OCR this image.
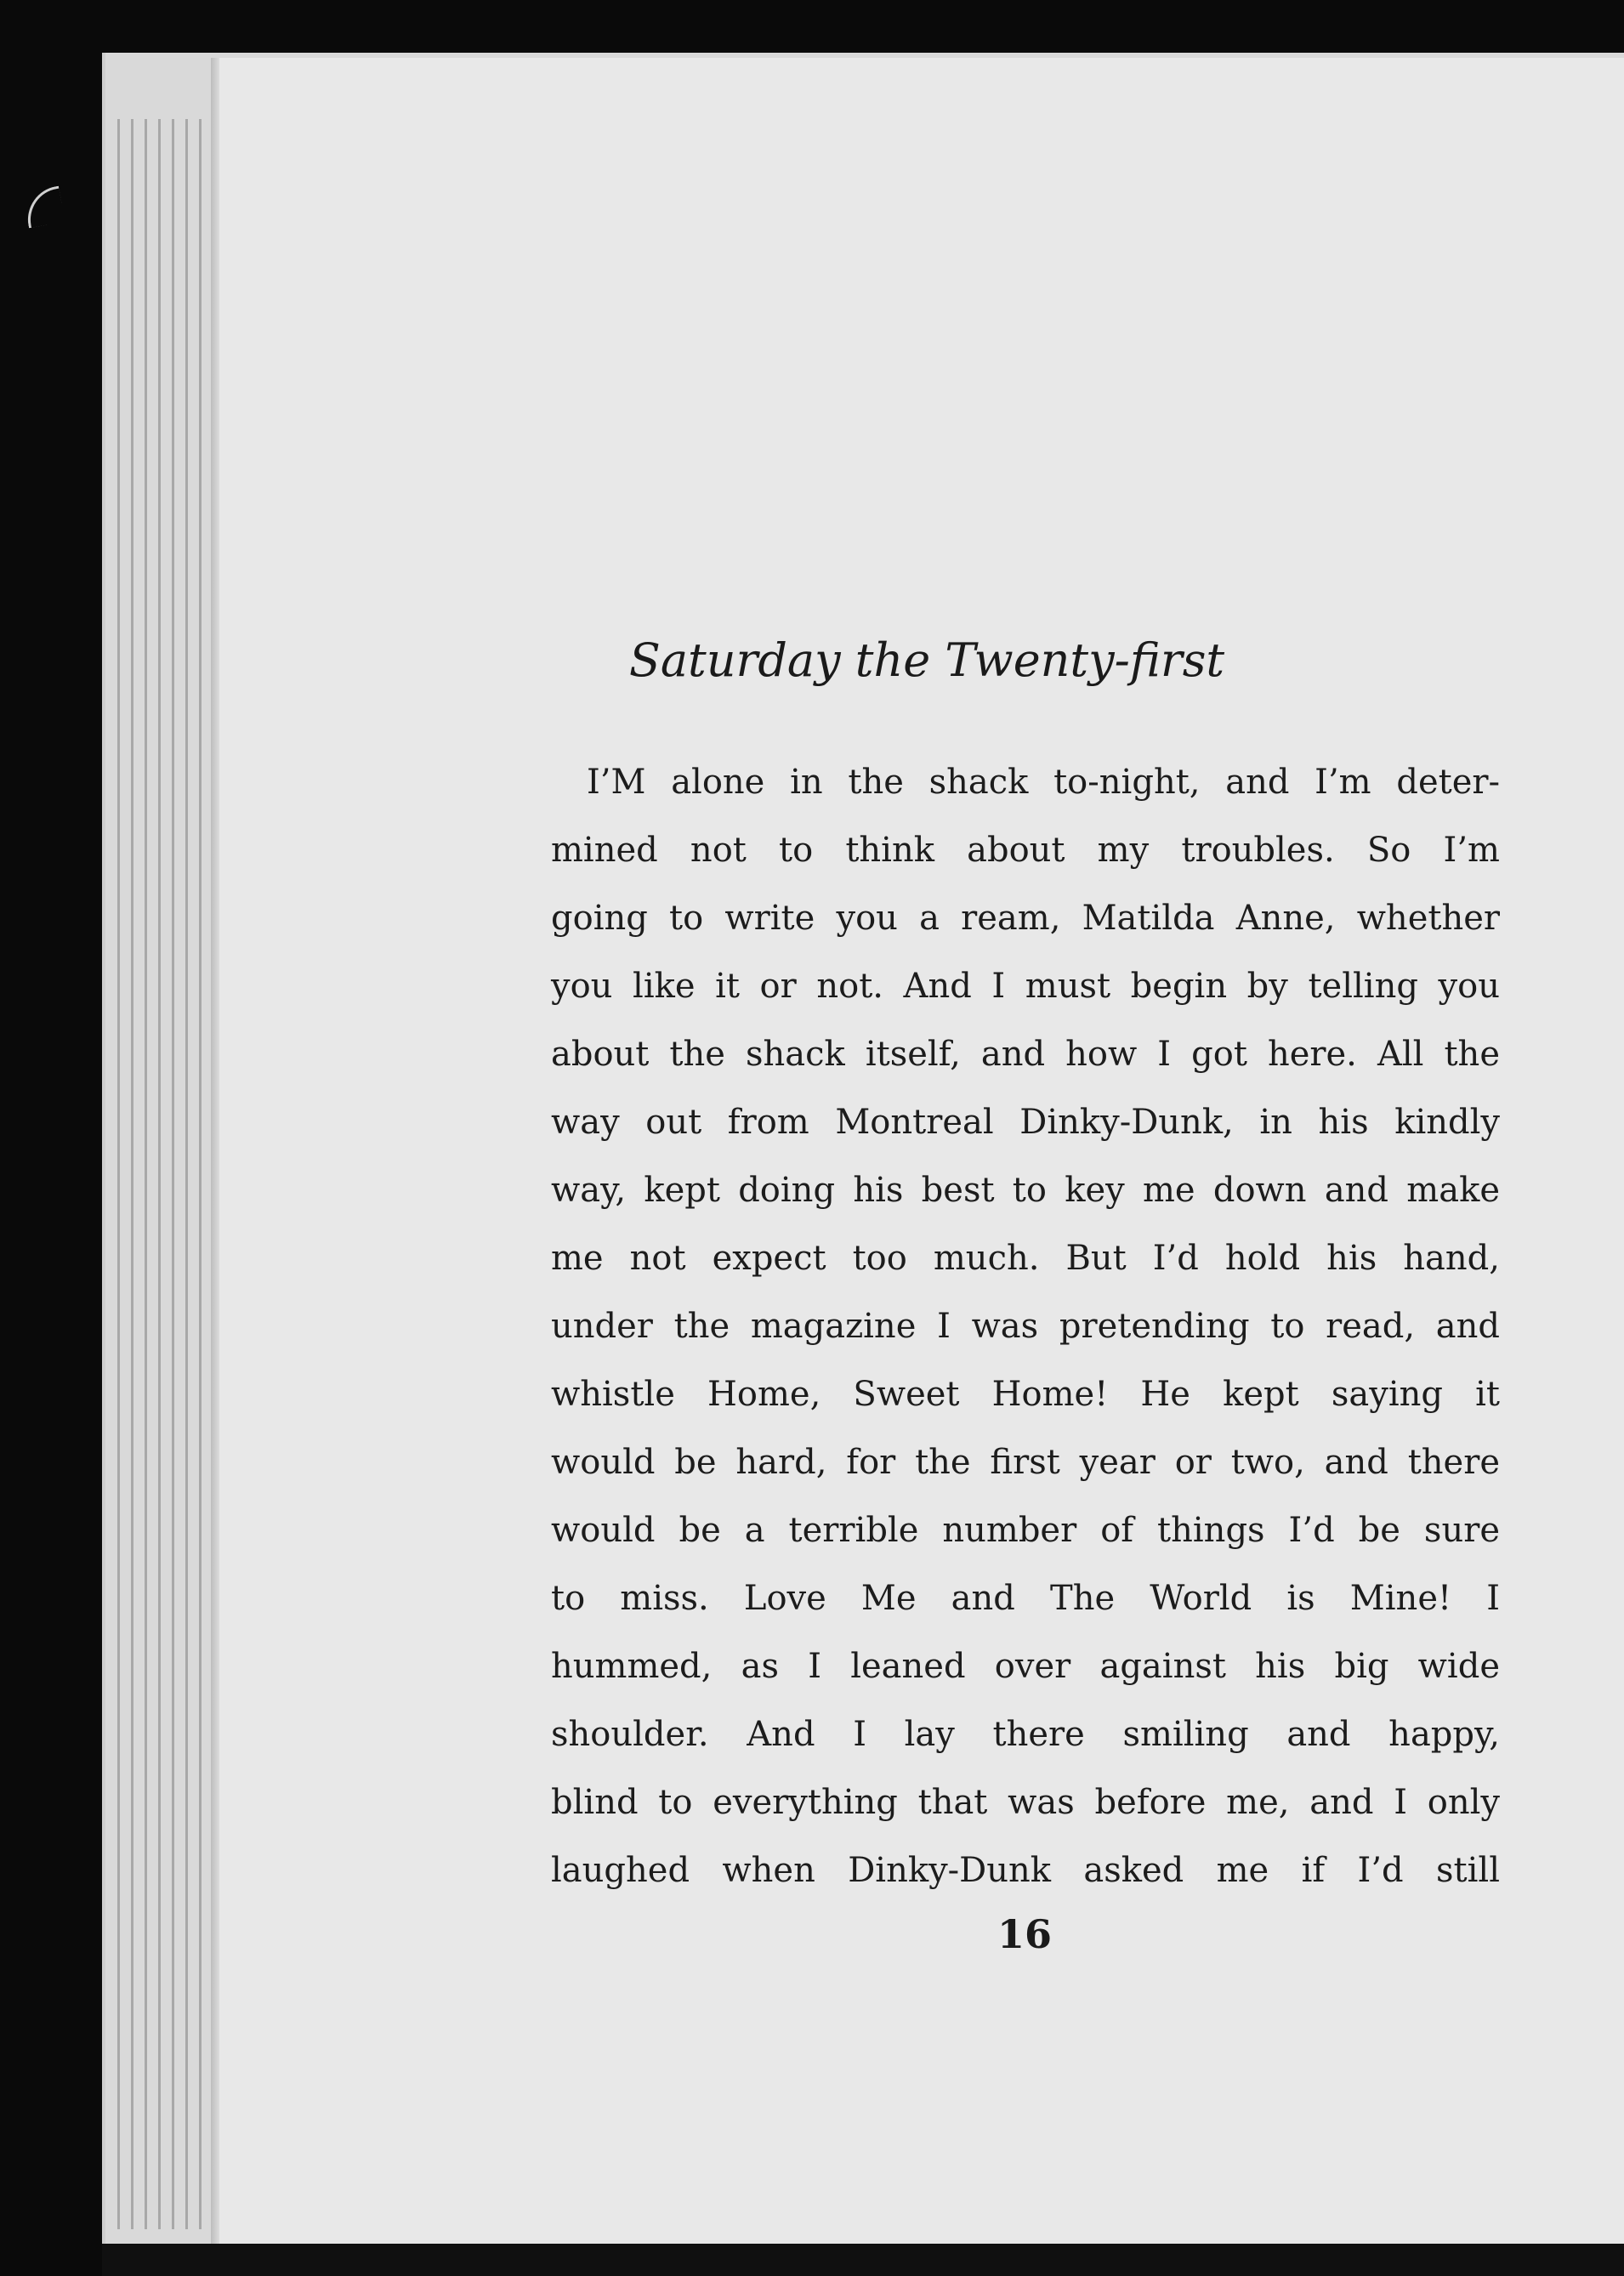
Saturday the Twenty-first
I’M alone in the shack to-night, and I’m deter-
mined not to think about my troubles. So I’m
going to write you a ream, Matilda Anne, whether
you like it or not. And I must begin by telling you
about the shack itself, and how I got here. All the
way out from Montreal Dinky-Dunk, in his kindly
way, kept doing his best to key me down and make
me not expect too much. But I’d hold his hand,
under the magazine I was pretending to read, and
whistle Home, Sweet Home! He kept saying it
would be hard, for the first year or two, and there
would be a terrible number of things I’d be sure
to miss. Love Me and The World is Mine! I
hummed, as I leaned over against his big wide
shoulder. And I lay there smiling and happy,
blind to everything that was before me, and I only
laughed when Dinky-Dunk asked me if I’d still
16
